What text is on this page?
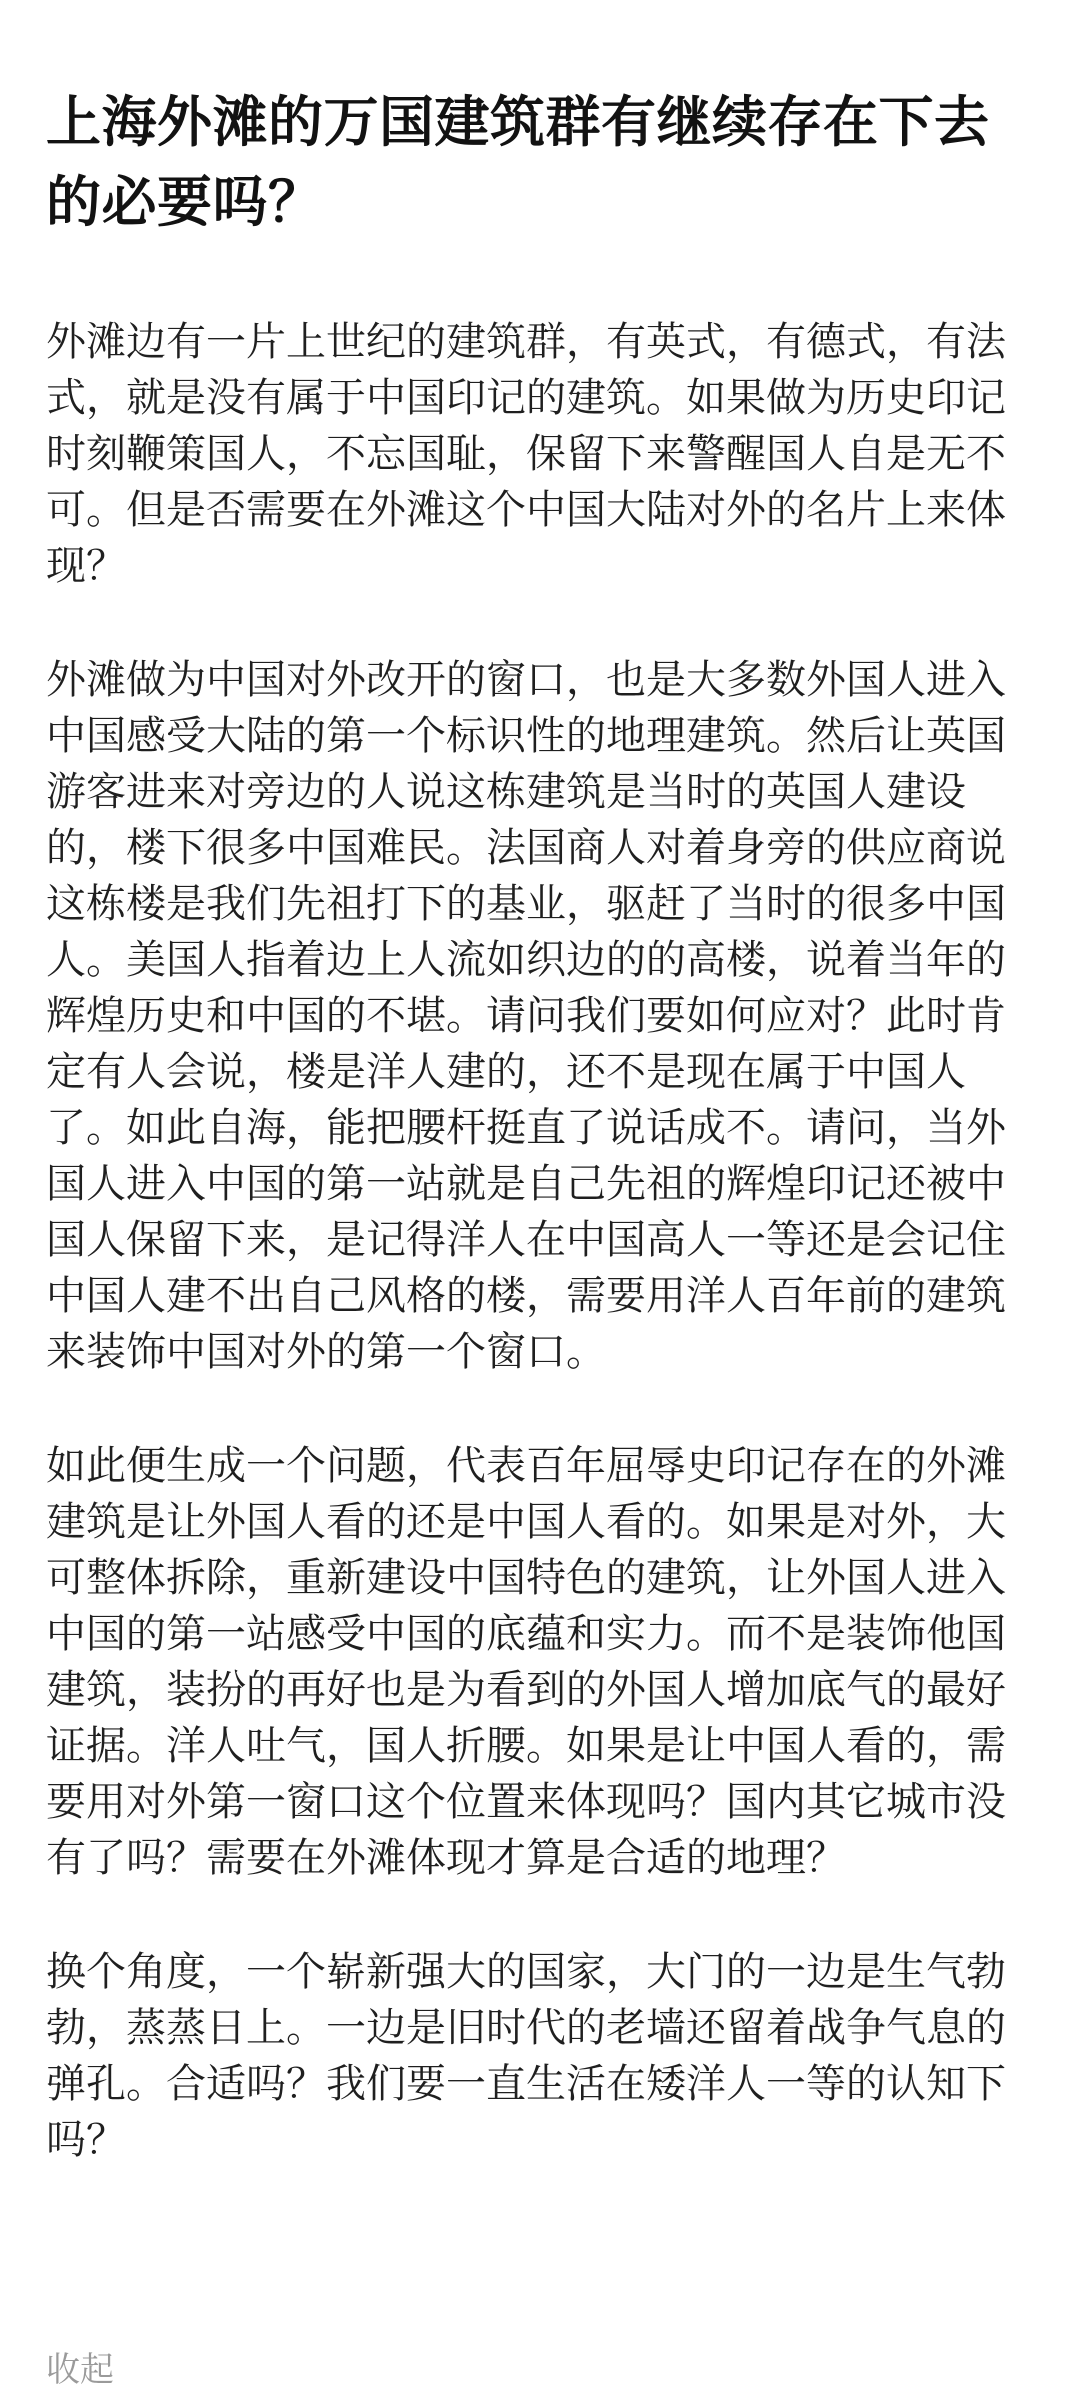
上海外滩的万国建筑群有继续存在下去的必要吗？

外滩边有一片上世纪的建筑群，有英式，有德式，有法式，就是没有属于中国印记的建筑。如果做为历史印记时刻鞭策国人，不忘国耻，保留下来警醒国人自是无不可。但是否需要在外滩这个中国大陆对外的名片上来体现？

外滩做为中国对外改开的窗口，也是大多数外国人进入中国感受大陆的第一个标识性的地理建筑。然后让英国游客进来对旁边的人说这栋建筑是当时的英国人建设的，楼下很多中国难民。法国商人对着身旁的供应商说这栋楼是我们先祖打下的基业，驱赶了当时的很多中国人。美国人指着边上人流如织边的的高楼，说着当年的辉煌历史和中国的不堪。请问我们要如何应对？此时肯定有人会说，楼是洋人建的，还不是现在属于中国人了。如此自海，能把腰杆挺直了说话成不。请问，当外国人进入中国的第一站就是自己先祖的辉煌印记还被中国人保留下来，是记得洋人在中国高人一等还是会记住中国人建不出自己风格的楼，需要用洋人百年前的建筑来装饰中国对外的第一个窗口。

如此便生成一个问题，代表百年屈辱史印记存在的外滩建筑是让外国人看的还是中国人看的。如果是对外，大可整体拆除，重新建设中国特色的建筑，让外国人进入中国的第一站感受中国的底蕴和实力。而不是装饰他国建筑，装扮的再好也是为看到的外国人增加底气的最好证据。洋人吐气，国人折腰。如果是让中国人看的，需要用对外第一窗口这个位置来体现吗？国内其它城市没有了吗？需要在外滩体现才算是合适的地理？

换个角度，一个崭新强大的国家，大门的一边是生气勃勃，蒸蒸日上。一边是旧时代的老墙还留着战争气息的弹孔。合适吗？我们要一直生活在矮洋人一等的认知下吗？

收起
